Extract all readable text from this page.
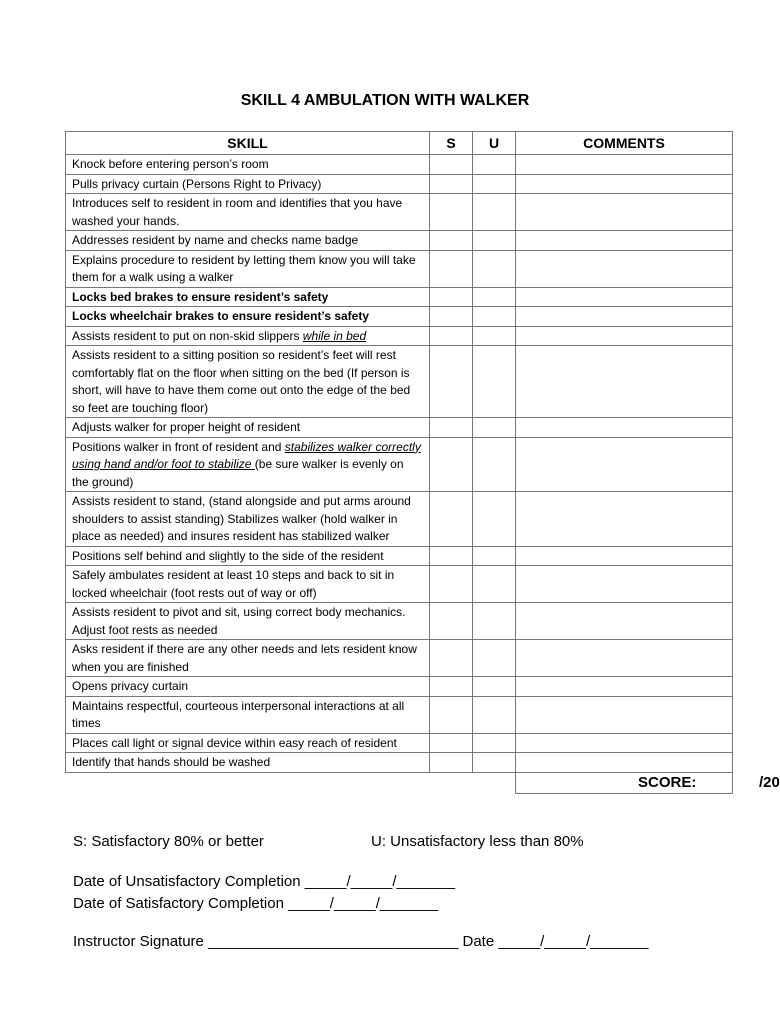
SKILL 4 AMBULATION WITH WALKER
SKILL	S	U	COMMENTS
Knock before entering person’s room			
Pulls privacy curtain (Persons Right to Privacy)			
Introduces self to resident in room and identifies that you have washed your hands.			
Addresses resident by name and checks name badge			
Explains procedure to resident by letting them know you will take them for a walk using a walker			
Locks bed brakes to ensure resident’s safety			
Locks wheelchair brakes to ensure resident’s safety			
Assists resident to put on non-skid slippers while in bed			
Assists resident to a sitting position so resident’s feet will rest comfortably flat on the floor when sitting on the bed (If person is short, will have to have them come out onto the edge of the bed so feet are touching floor)			
Adjusts walker for proper height of resident			
Positions walker in front of resident and stabilizes walker correctly using hand and/or foot to stabilize (be sure walker is evenly on the ground)			
Assists resident to stand, (stand alongside and put arms around shoulders to assist standing) Stabilizes walker (hold walker in place as needed) and insures resident has stabilized walker			
Positions self behind and slightly to the side of the resident			
Safely ambulates resident at least 10 steps and back to sit in locked wheelchair (foot rests out of way or off)			
Assists resident to pivot and sit, using correct body mechanics. Adjust foot rests as needed			
Asks resident if there are any other needs and lets resident know when you are finished			
Opens privacy curtain			
Maintains respectful, courteous interpersonal interactions at all times			
Places call light or signal device within easy reach of resident			
Identify that hands should be washed			

			SCORE: /20
S: Satisfactory 80% or better	U: Unsatisfactory less than 80%
Date of Unsatisfactory Completion _____/_____/_______
Date of Satisfactory Completion _____/_____/_______
Instructor Signature ______________________________ Date _____/_____/_______
